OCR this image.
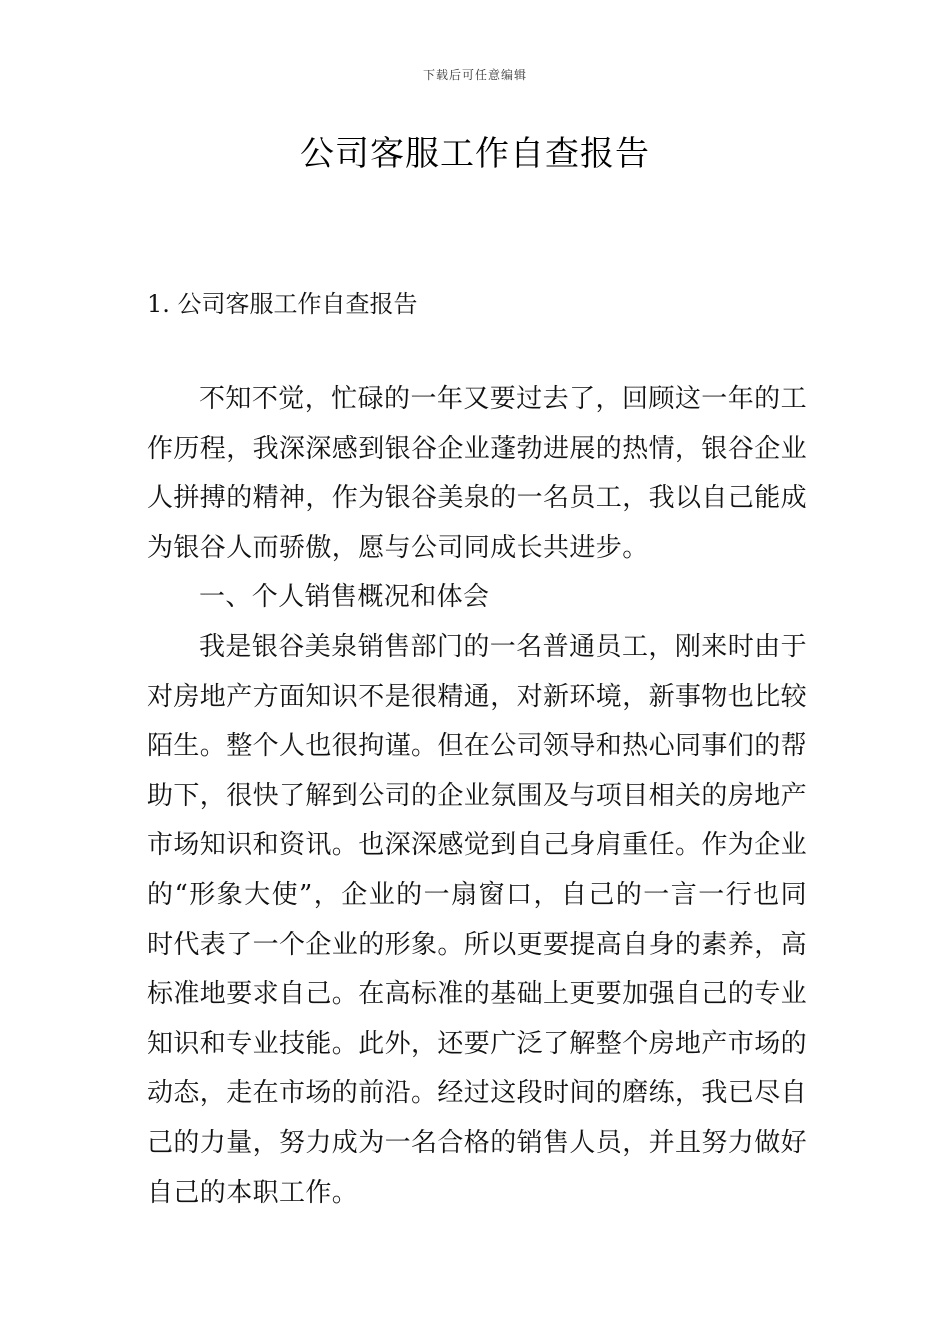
下载后可任意编辑
公司客服工作自查报告
1. 公司客服工作自查报告

不知不觉，忙碌的一年又要过去了，回顾这一年的工作历程，我深深感到银谷企业蓬勃进展的热情，银谷企业人拼搏的精神，作为银谷美泉的一名员工，我以自己能成为银谷人而骄傲，愿与公司同成长共进步。

一、个人销售概况和体会

我是银谷美泉销售部门的一名普通员工，刚来时由于对房地产方面知识不是很精通，对新环境，新事物也比较陌生。整个人也很拘谨。但在公司领导和热心同事们的帮助下，很快了解到公司的企业氛围及与项目相关的房地产市场知识和资讯。也深深感觉到自己身肩重任。作为企业的“形象大使”，企业的一扇窗口，自己的一言一行也同时代表了一个企业的形象。所以更要提高自身的素养，高标准地要求自己。在高标准的基础上更要加强自己的专业知识和专业技能。此外，还要广泛了解整个房地产市场的动态，走在市场的前沿。经过这段时间的磨练，我已尽自己的力量，努力成为一名合格的销售人员，并且努力做好自己的本职工作。
